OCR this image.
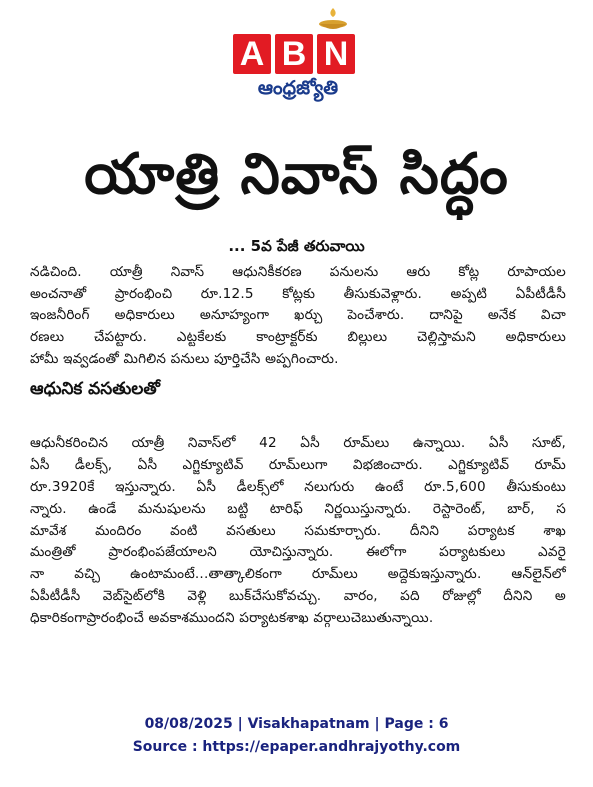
A B N
ఆంధ్రజ్యోతి
యాత్రి నివాస్ సిద్ధం
... 5వ పేజీ తరువాయి
నడిచింది. యాత్రీ నివాస్ ఆధునికీకరణ పనులను ఆరు కోట్ల రూపాయల
అంచనాతో ప్రారంభించి రూ.12.5 కోట్లకు తీసుకువెళ్లారు. అప్పటి ఏపీటీడీసీ
ఇంజనీరింగ్ అధికారులు అనూహ్యంగా ఖర్చు పెంచేశారు. దానిపై అనేక విచా
రణలు చేపట్టారు. ఎట్టకేలకు కాంట్రాక్టర్‌కు బిల్లులు చెల్లిస్తామని అధికారులు
హామీ ఇవ్వడంతో మిగిలిన పనులు పూర్తిచేసి అప్పగించారు.
ఆధునిక వసతులతో
ఆధునీకరించిన యాత్రీ నివాస్‌లో 42 ఏసీ రూమ్‌లు ఉన్నాయి. ఏసీ సూట్,
ఏసీ డీలక్స్, ఏసీ ఎగ్జిక్యూటివ్ రూమ్‌లుగా విభజించారు. ఎగ్జిక్యూటివ్ రూమ్
రూ.3920కే ఇస్తున్నారు. ఏసీ డీలక్స్‌లో నలుగురు ఉంటే రూ.5,600 తీసుకుంటు
న్నారు. ఉండే మనుషులను బట్టి టారిఫ్ నిర్ణయిస్తున్నారు. రెస్టారెంట్, బార్, స
మావేశ మందిరం వంటి వసతులు సమకూర్చారు. దీనిని పర్యాటక శాఖ
మంత్రితో ప్రారంభింపజేయాలని యోచిస్తున్నారు. ఈలోగా పర్యాటకులు ఎవరై
నా వచ్చి ఉంటామంటే...తాత్కాలికంగా రూమ్‌లు అద్దెకుఇస్తున్నారు. ఆన్‌లైన్‌లో
ఏపీటీడీసీ వెబ్‌సైట్‌లోకి వెళ్లి బుక్‌చేసుకోవచ్చు. వారం, పది రోజుల్లో దీనిని అ
ధికారికంగాప్రారంభించే అవకాశముందని పర్యాటకశాఖ వర్గాలుచెబుతున్నాయి.
08/08/2025 | Visakhapatnam | Page : 6
Source : https://epaper.andhrajyothy.com
